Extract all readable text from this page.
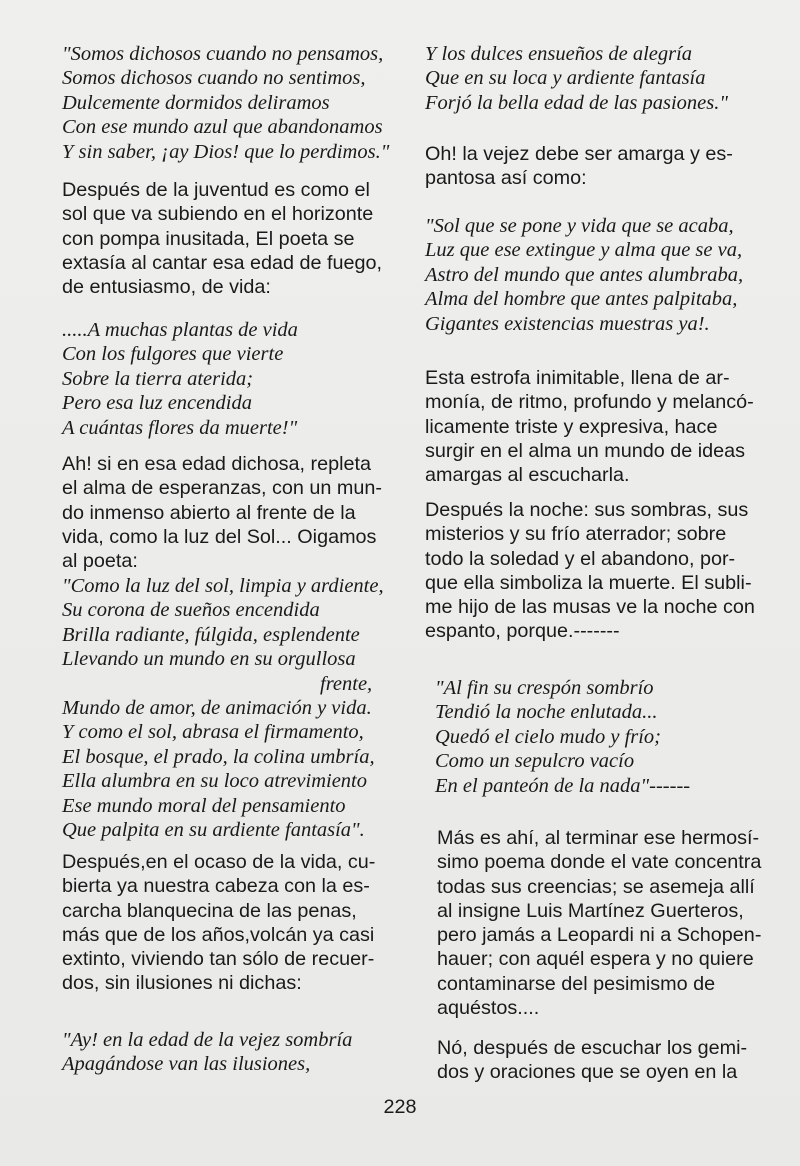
"Somos dichosos cuando no pensamos,
Somos dichosos cuando no sentimos,
Dulcemente dormidos deliramos
Con ese mundo azul que abandonamos
Y sin saber, ¡ay Dios! que lo perdimos."
Después de la juventud es como el
sol que va subiendo en el horizonte
con pompa inusitada, El poeta se
extasía al cantar esa edad de fuego,
de entusiasmo, de vida:
.....A muchas plantas de vida
Con los fulgores que vierte
Sobre la tierra aterida;
Pero esa luz encendida
A cuántas flores da muerte!"
Ah! si en esa edad dichosa, repleta
el alma de esperanzas, con un mun-
do inmenso abierto al frente de la
vida, como la luz del Sol... Oigamos
al poeta:
"Como la luz del sol, limpia y ardiente,
Su corona de sueños encendida
Brilla radiante, fúlgida, esplendente
Llevando un mundo en su orgullosa
frente,
Mundo de amor, de animación y vida.
Y como el sol, abrasa el firmamento,
El bosque, el prado, la colina umbría,
Ella alumbra en su loco atrevimiento
Ese mundo moral del pensamiento
Que palpita en su ardiente fantasía".
Después,en el ocaso de la vida, cu-
bierta ya nuestra cabeza con la es-
carcha blanquecina de las penas,
más que de los años,volcán ya casi
extinto, viviendo tan sólo de recuer-
dos, sin ilusiones ni dichas:
"Ay! en la edad de la vejez sombría
Apagándose van las ilusiones,
Y los dulces ensueños de alegría
Que en su loca y ardiente fantasía
Forjó la bella edad de las pasiones."
Oh! la vejez debe ser amarga y es-
pantosa así como:
"Sol que se pone y vida que se acaba,
Luz que ese extingue y alma que se va,
Astro del mundo que antes alumbraba,
Alma del hombre que antes palpitaba,
Gigantes existencias muestras ya!.
Esta estrofa inimitable, llena de ar-
monía, de ritmo, profundo y melancó-
licamente triste y expresiva, hace
surgir en el alma un mundo de ideas
amargas al escucharla.
Después la noche: sus sombras, sus
misterios y su frío aterrador; sobre
todo la soledad y el abandono, por-
que ella simboliza la muerte. El subli-
me hijo de las musas ve la noche con
espanto, porque.-------
"Al fin su crespón sombrío
Tendió la noche enlutada...
Quedó el cielo mudo y frío;
Como un sepulcro vacío
En el panteón de la nada"------
Más es ahí, al terminar ese hermosí-
simo poema donde el vate concentra
todas sus creencias; se asemeja allí
al insigne Luis Martínez Guerteros,
pero jamás a Leopardi ni a Schopen-
hauer; con aquél espera y no quiere
contaminarse del pesimismo de
aquéstos....
Nó, después de escuchar los gemi-
dos y oraciones que se oyen en la
228
